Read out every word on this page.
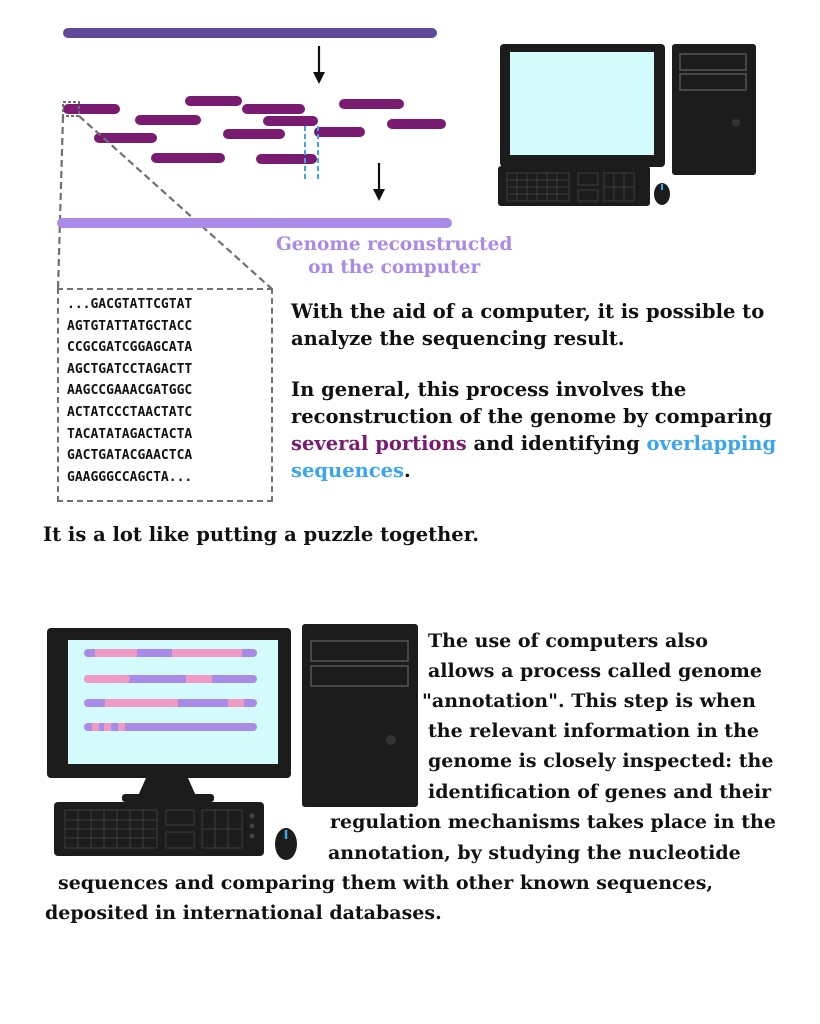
Genome reconstructed
on the computer
...GACGTATTCGTAT
AGTGTATTATGCTACC
CCGCGATCGGAGCATA
AGCTGATCCTAGACTT
AAGCCGAAACGATGGC
ACTATCCCTAACTATC
TACATATAGACTACTA
GACTGATACGAACTCA
GAAGGGCCAGCTA...
With the aid of a computer, it is possible to
analyze the sequencing result.
In general, this process involves the
reconstruction of the genome by comparing
several portions and identifying overlapping
sequences.
It is a lot like putting a puzzle together.
The use of computers also
allows a process called genome
"annotation". This step is when
the relevant information in the
genome is closely inspected: the
identification of genes and their
regulation mechanisms takes place in the
annotation, by studying the nucleotide
sequences and comparing them with other known sequences,
deposited in international databases.
